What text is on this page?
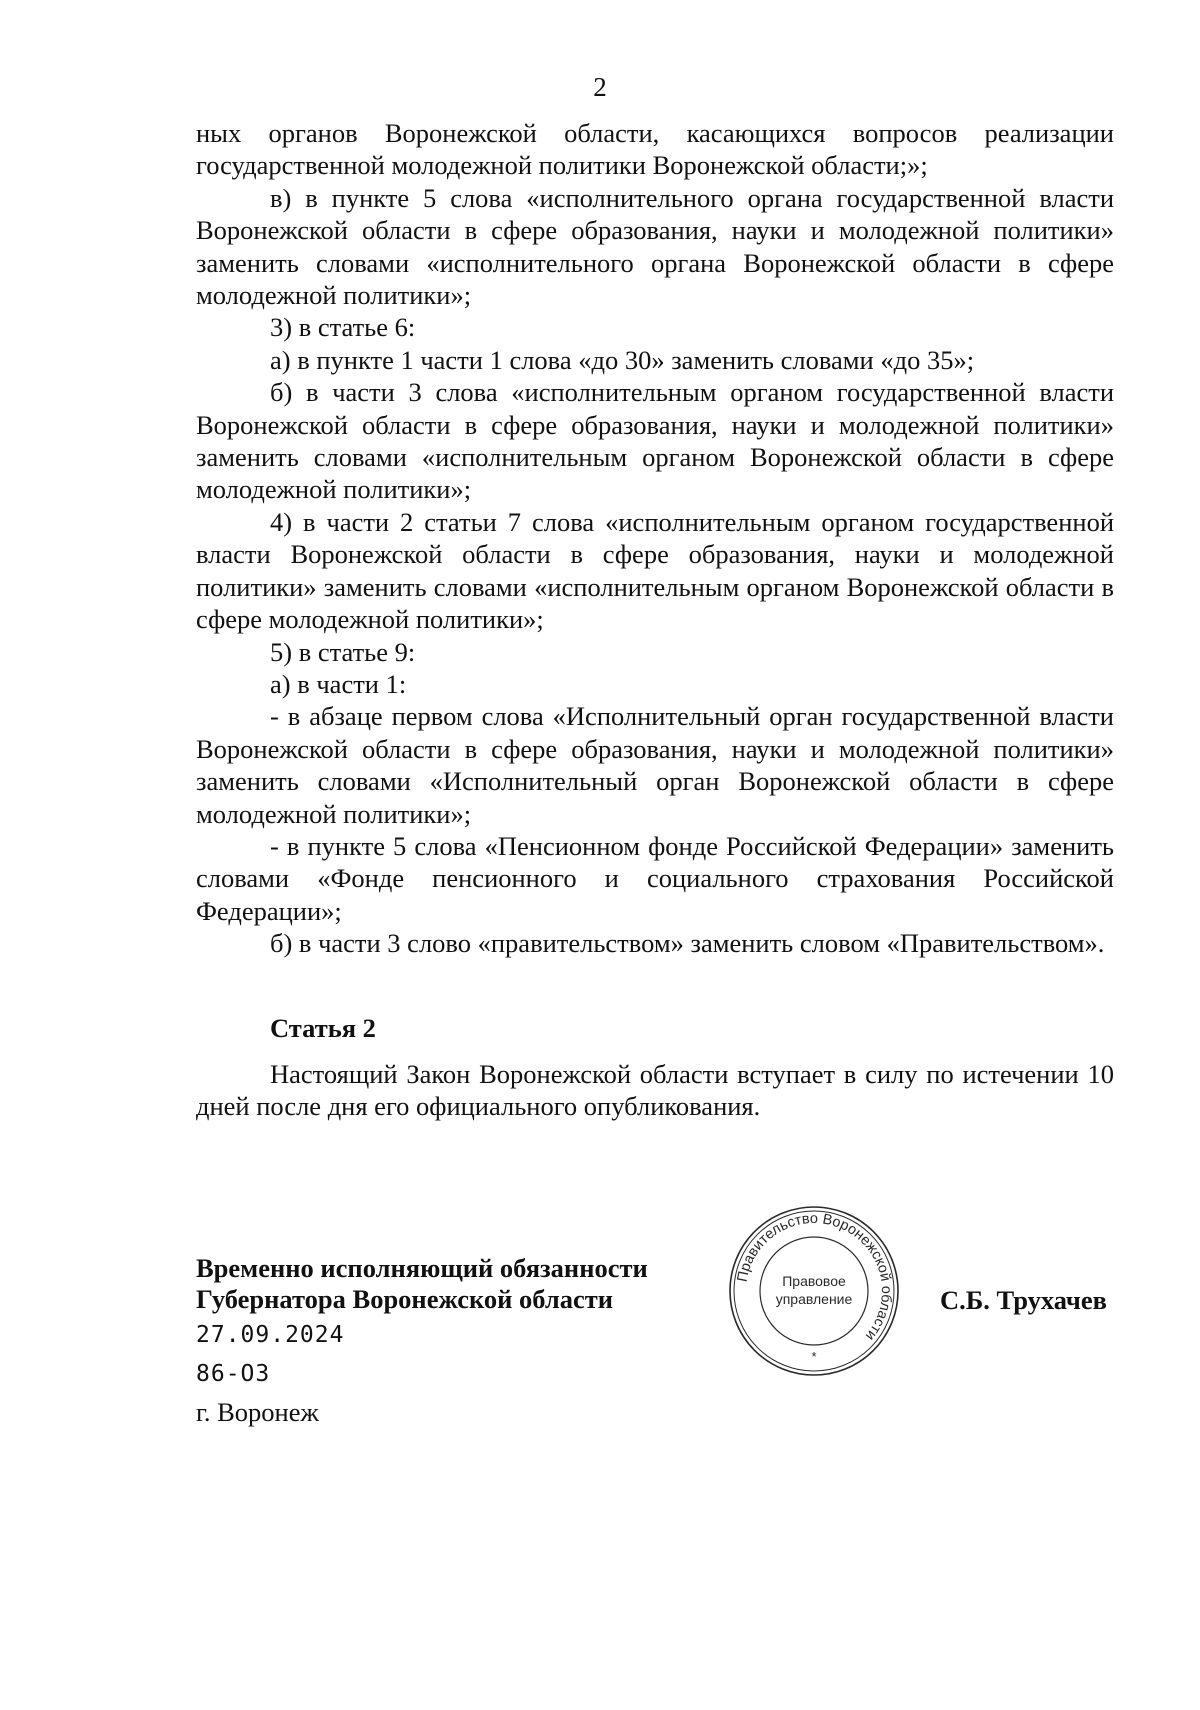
2

ных органов Воронежской области, касающихся вопросов реализации государственной молодежной политики Воронежской области;»;

в) в пункте 5 слова «исполнительного органа государственной власти Воронежской области в сфере образования, науки и молодежной политики» заменить словами «исполнительного органа Воронежской области в сфере молодежной политики»;

3) в статье 6:

а) в пункте 1 части 1 слова «до 30» заменить словами «до 35»;

б) в части 3 слова «исполнительным органом государственной власти Воронежской области в сфере образования, науки и молодежной политики» заменить словами «исполнительным органом Воронежской области в сфере молодежной политики»;

4) в части 2 статьи 7 слова «исполнительным органом государственной власти Воронежской области в сфере образования, науки и молодежной политики» заменить словами «исполнительным органом Воронежской области в сфере молодежной политики»;

5) в статье 9:

а) в части 1:

- в абзаце первом слова «Исполнительный орган государственной власти Воронежской области в сфере образования, науки и молодежной политики» заменить словами «Исполнительный орган Воронежской области в сфере молодежной политики»;

- в пункте 5 слова «Пенсионном фонде Российской Федерации» заменить словами «Фонде пенсионного и социального страхования Российской Федерации»;

б) в части 3 слово «правительством» заменить словом «Правительством».

Статья 2
Настоящий Закон Воронежской области вступает в силу по истечении 10 дней после дня его официального опубликования.
Временно исполняющий обязанности
Губернатора Воронежской области	С.Б. Трухачев
27.09.2024
86-ОЗ
г. Воронеж
Правительство Воронежской области
Правовое
управление
*
